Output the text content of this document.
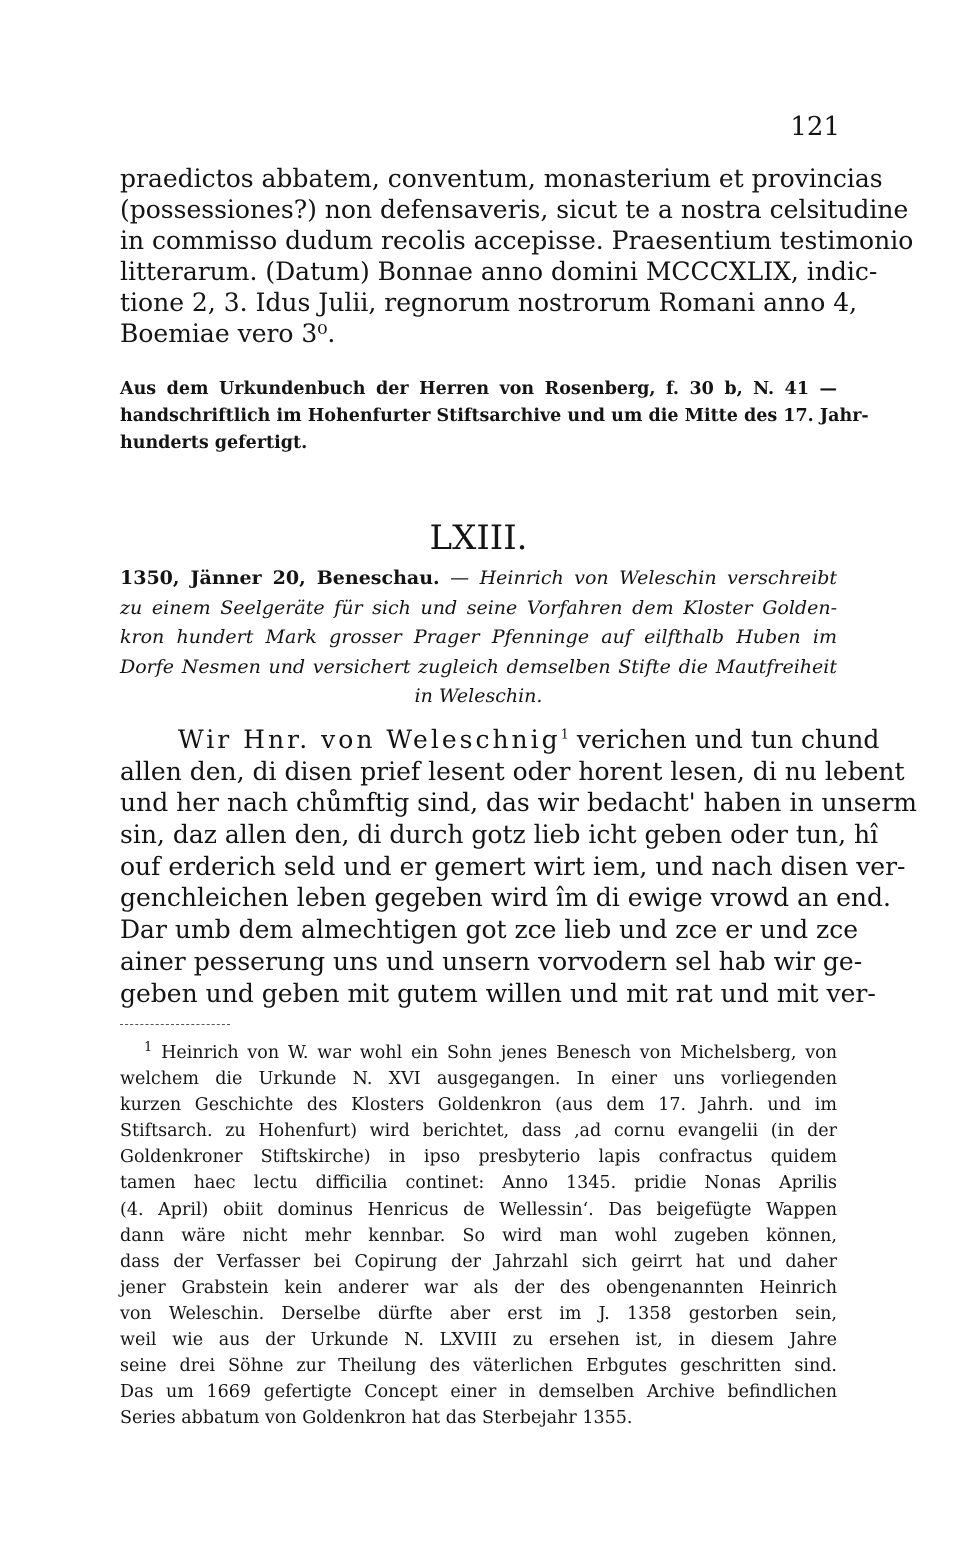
121
praedictos abbatem, conventum, monasterium et provincias
(possessiones?) non defensaveris, sicut te a nostra celsitudine
in commisso dudum recolis accepisse. Praesentium testimonio
litterarum. (Datum) Bonnae anno domini MCCCXLIX, indic-
tione 2, 3. Idus Julii, regnorum nostrorum Romani anno 4,
Boemiae vero 3⁰.
Aus dem Urkundenbuch der Herren von Rosenberg, f. 30 b, N. 41 —
handschriftlich im Hohenfurter Stiftsarchive und um die Mitte des 17. Jahr-
hunderts gefertigt.
LXIII.
1350, Jänner 20, Beneschau. — Heinrich von Weleschin verschreibt
zu einem Seelgeräte für sich und seine Vorfahren dem Kloster Golden-
kron hundert Mark grosser Prager Pfenninge auf eilfthalb Huben im
Dorfe Nesmen und versichert zugleich demselben Stifte die Mautfreiheit
in Weleschin.
Wir Hnr. von Weleschnig$^1$ verichen und tun chund
allen den, di disen prief lesent oder horent lesen, di nu lebent
und her nach chůmftig sind, das wir bedacht' haben in unserm
sin, daz allen den, di durch gotz lieb icht geben oder tun, hî
ouf erderich seld und er gemert wirt iem, und nach disen ver-
genchleichen leben gegeben wird îm di ewige vrowd an end.
Dar umb dem almechtigen got zce lieb und zce er und zce
ainer pesserung uns und unsern vorvodern sel hab wir ge-
geben und geben mit gutem willen und mit rat und mit ver-
$^1$ Heinrich von W. war wohl ein Sohn jenes Benesch von Michelsberg, von
welchem die Urkunde N. XVI ausgegangen. In einer uns vorliegenden
kurzen Geschichte des Klosters Goldenkron (aus dem 17. Jahrh. und im
Stiftsarch. zu Hohenfurt) wird berichtet, dass ‚ad cornu evangelii (in der
Goldenkroner Stiftskirche) in ipso presbyterio lapis confractus quidem
tamen haec lectu difficilia continet: Anno 1345. pridie Nonas Aprilis
(4. April) obiit dominus Henricus de Wellessin‘. Das beigefügte Wappen
dann wäre nicht mehr kennbar. So wird man wohl zugeben können,
dass der Verfasser bei Copirung der Jahrzahl sich geirrt hat und daher
jener Grabstein kein anderer war als der des obengenannten Heinrich
von Weleschin. Derselbe dürfte aber erst im J. 1358 gestorben sein,
weil wie aus der Urkunde N. LXVIII zu ersehen ist, in diesem Jahre
seine drei Söhne zur Theilung des väterlichen Erbgutes geschritten sind.
Das um 1669 gefertigte Concept einer in demselben Archive befindlichen
Series abbatum von Goldenkron hat das Sterbejahr 1355.
